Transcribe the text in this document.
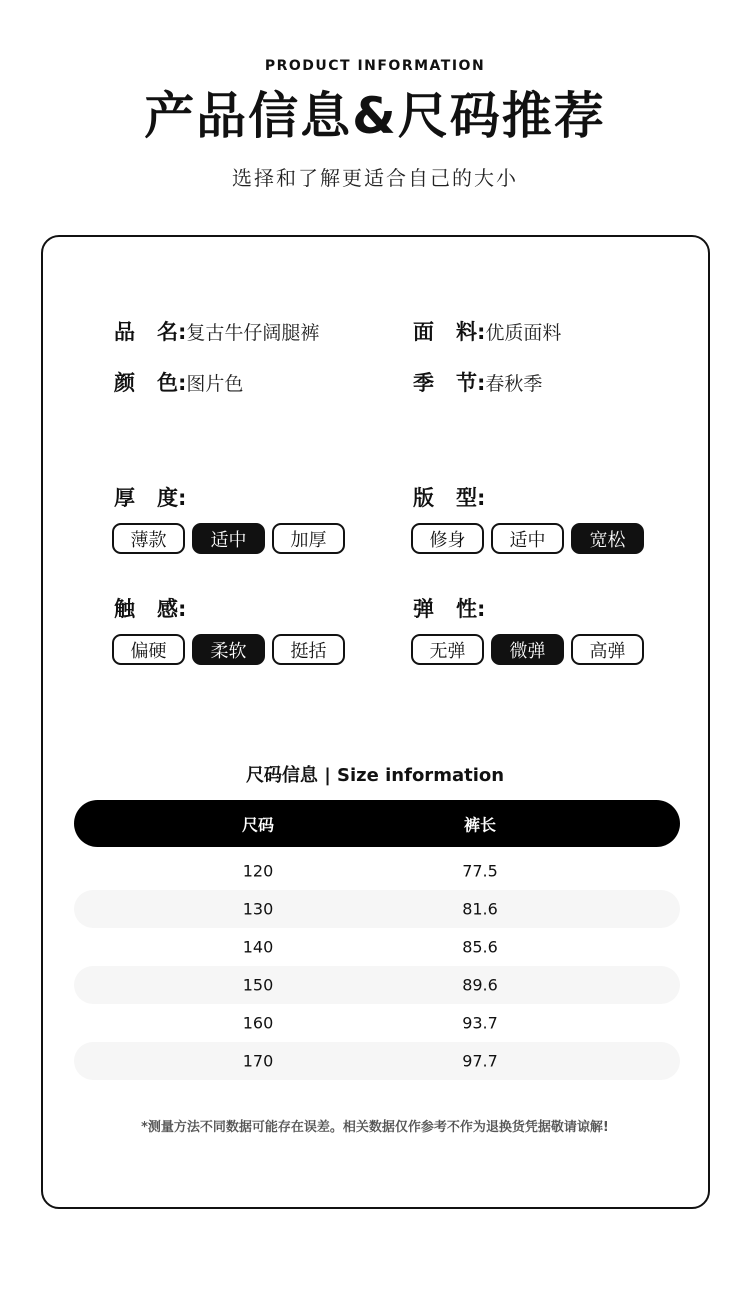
PRODUCT INFORMATION
产品信息&尺码推荐
选择和了解更适合自己的大小
品 名: 复古牛仔阔腿裤	面 料: 优质面料
颜 色: 图片色	季 节: 春秋季
厚 度:
薄款	适中	加厚
版 型:
修身	适中	宽松
触 感:
偏硬	柔软	挺括
弹 性:
无弹	微弹	高弹
尺码信息 | Size information
尺码	裤长
120	77.5
130	81.6
140	85.6
150	89.6
160	93.7
170	97.7
*测量方法不同数据可能存在误差。相关数据仅作参考不作为退换货凭据敬请谅解!
